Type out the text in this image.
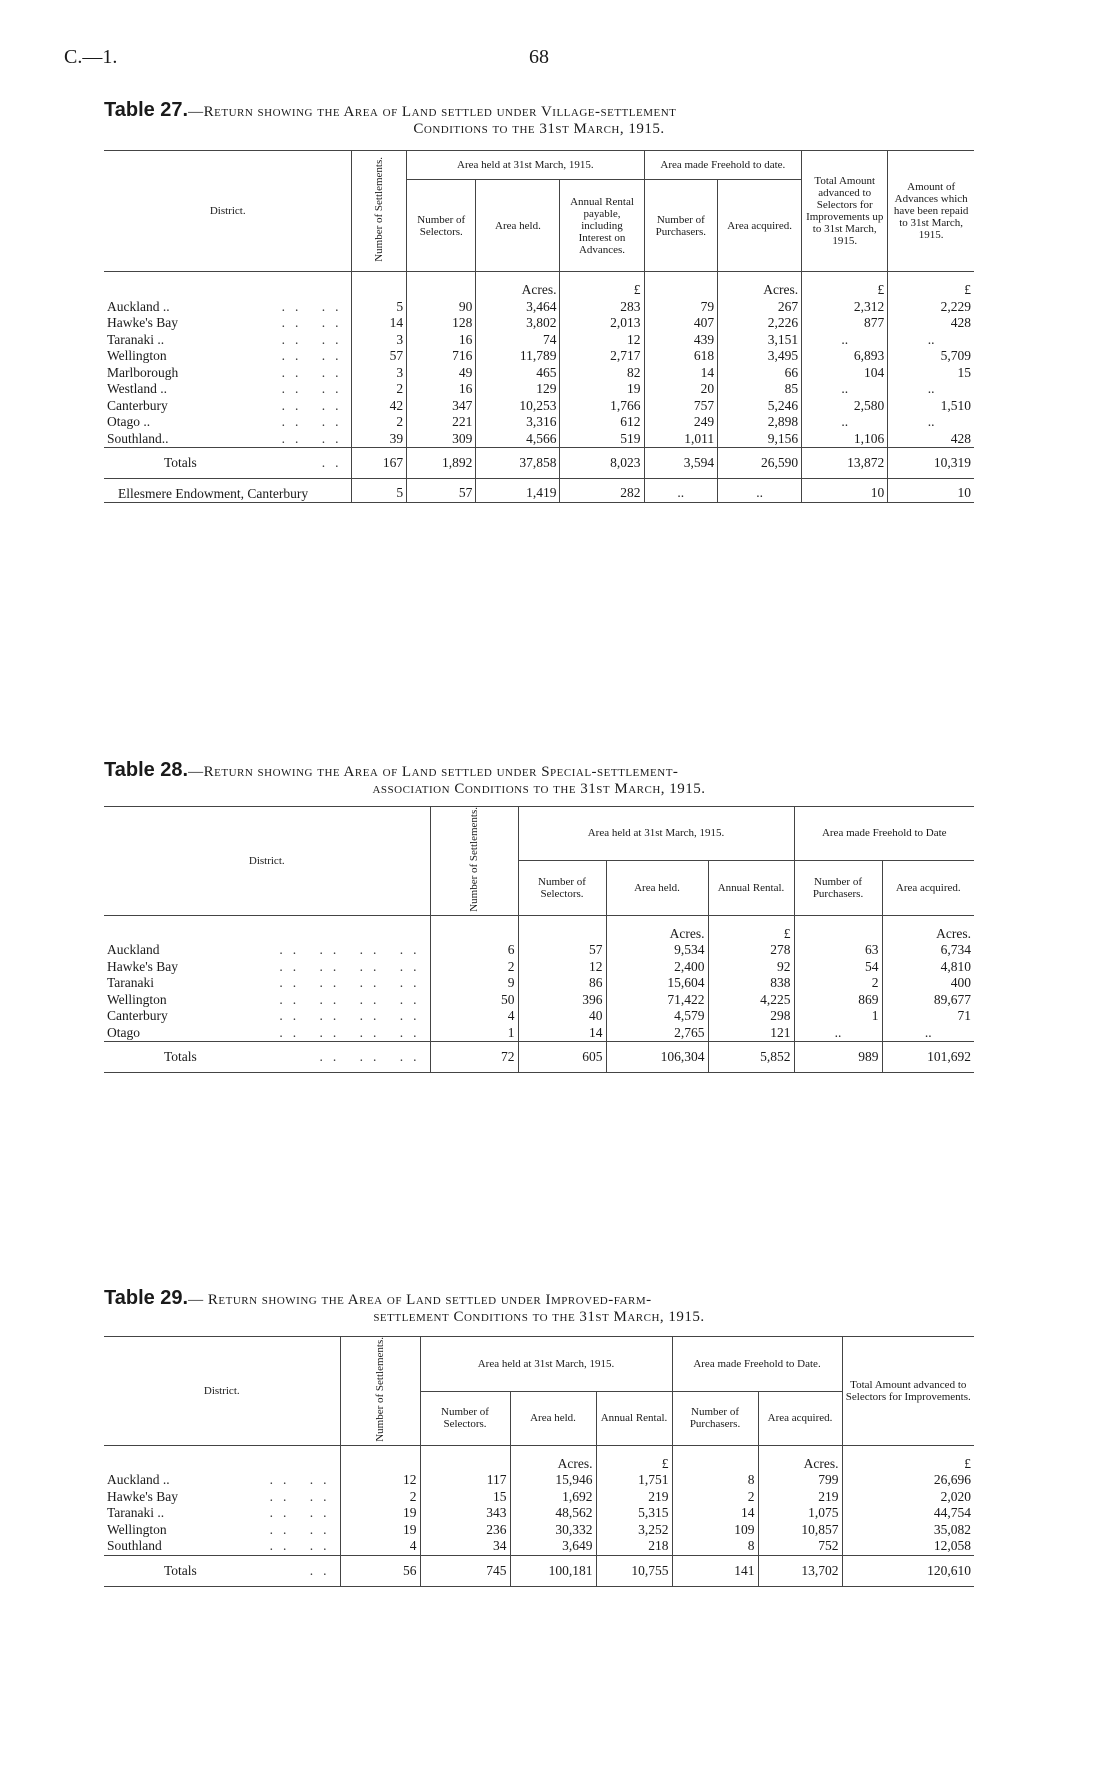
C.—1.	68
Table 27.—Return showing the Area of Land settled under Village-settlement
Conditions to the 31st March, 1915.
District.	Number of Settlements.	Area held at 31st March, 1915.			Area made Freehold to date.		Total Amount advanced to Selectors for Improvements up to 31st March, 1915.	Amount of Advances which have been repaid to 31st March, 1915.
		Number of Selectors.	Area held.	Annual Rental payable, including Interest on Advances.	Number of Purchasers.	Area acquired.		
			Acres.	£		Acres.	£	£
Auckland .. .. ..	5	90	3,464	283	79	267	2,312	2,229
Hawke's Bay .. ..	14	128	3,802	2,013	407	2,226	877	428
Taranaki .. .. ..	3	16	74	12	439	3,151	..	..
Wellington .. ..	57	716	11,789	2,717	618	3,495	6,893	5,709
Marlborough .. ..	3	49	465	82	14	66	104	15
Westland .. .. ..	2	16	129	19	20	85	..	..
Canterbury .. ..	42	347	10,253	1,766	757	5,246	2,580	1,510
Otago .. .. ..	2	221	3,316	612	249	2,898	..	..
Southland.. .. ..	39	309	4,566	519	1,011	9,156	1,106	428
Totals ..	167	1,892	37,858	8,023	3,594	26,590	13,872	10,319
Ellesmere Endowment, Canterbury	5	57	1,419	282	..	..	10	10
Table 28.—Return showing the Area of Land settled under Special-settlement-
association Conditions to the 31st March, 1915.
District.	Number of Settlements.	Area held at 31st March, 1915.			Area made Freehold to Date	
		Number of Selectors.	Area held.	Annual Rental.	Number of Purchasers.	Area acquired.
			Acres.	£		Acres.
Auckland .. .. .. ..	6	57	9,534	278	63	6,734
Hawke's Bay .. .. .. ..	2	12	2,400	92	54	4,810
Taranaki .. .. .. ..	9	86	15,604	838	2	400
Wellington .. .. .. ..	50	396	71,422	4,225	869	89,677
Canterbury .. .. .. ..	4	40	4,579	298	1	71
Otago .. .. .. ..	1	14	2,765	121	..	..
Totals .. .. ..	72	605	106,304	5,852	989	101,692
Table 29.— Return showing the Area of Land settled under Improved-farm-
settlement Conditions to the 31st March, 1915.
District.	Number of Settlements.	Area held at 31st March, 1915.			Area made Freehold to Date.		Total Amount advanced to Selectors for Improvements.
		Number of Selectors.	Area held.	Annual Rental.	Number of Purchasers.	Area acquired.	
			Acres.	£		Acres.	£
Auckland .. .. ..	12	117	15,946	1,751	8	799	26,696
Hawke's Bay .. ..	2	15	1,692	219	2	219	2,020
Taranaki .. .. ..	19	343	48,562	5,315	14	1,075	44,754
Wellington .. ..	19	236	30,332	3,252	109	10,857	35,082
Southland .. ..	4	34	3,649	218	8	752	12,058
Totals ..	56	745	100,181	10,755	141	13,702	120,610
